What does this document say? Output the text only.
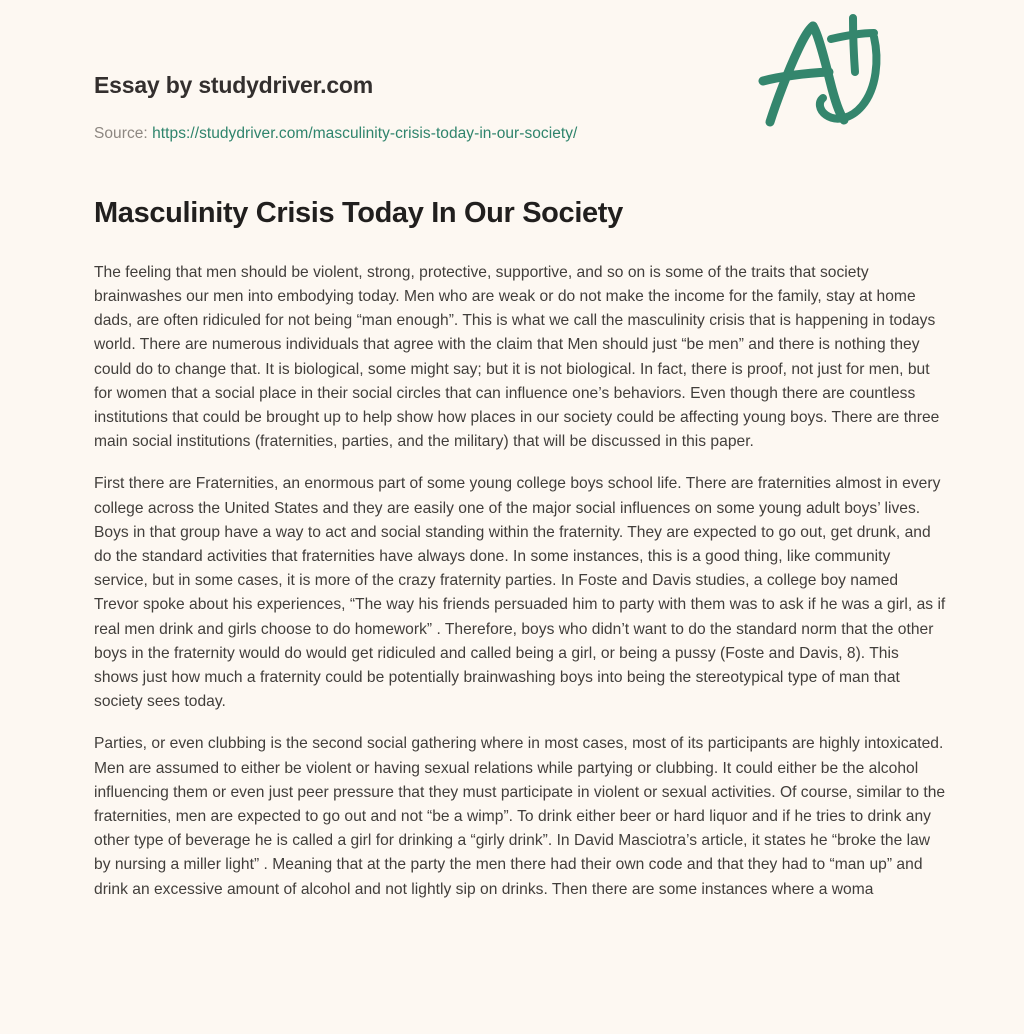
Essay by studydriver.com
Source: https://studydriver.com/masculinity-crisis-today-in-our-society/
Masculinity Crisis Today In Our Society

The feeling that men should be violent, strong, protective, supportive, and so on is some of the traits that society brainwashes our men into embodying today. Men who are weak or do not make the income for the family, stay at home dads, are often ridiculed for not being “man enough”. This is what we call the masculinity crisis that is happening in todays world. There are numerous individuals that agree with the claim that Men should just “be men” and there is nothing they could do to change that. It is biological, some might say; but it is not biological. In fact, there is proof, not just for men, but for women that a social place in their social circles that can influence one’s behaviors. Even though there are countless institutions that could be brought up to help show how places in our society could be affecting young boys. There are three main social institutions (fraternities, parties, and the military) that will be discussed in this paper.

First there are Fraternities, an enormous part of some young college boys school life. There are fraternities almost in every college across the United States and they are easily one of the major social influences on some young adult boys’ lives. Boys in that group have a way to act and social standing within the fraternity. They are expected to go out, get drunk, and do the standard activities that fraternities have always done. In some instances, this is a good thing, like community service, but in some cases, it is more of the crazy fraternity parties. In Foste and Davis studies, a college boy named Trevor spoke about his experiences, “The way his friends persuaded him to party with them was to ask if he was a girl, as if real men drink and girls choose to do homework” . Therefore, boys who didn’t want to do the standard norm that the other boys in the fraternity would do would get ridiculed and called being a girl, or being a pussy (Foste and Davis, 8). This shows just how much a fraternity could be potentially brainwashing boys into being the stereotypical type of man that society sees today.

Parties, or even clubbing is the second social gathering where in most cases, most of its participants are highly intoxicated. Men are assumed to either be violent or having sexual relations while partying or clubbing. It could either be the alcohol influencing them or even just peer pressure that they must participate in violent or sexual activities. Of course, similar to the fraternities, men are expected to go out and not “be a wimp”. To drink either beer or hard liquor and if he tries to drink any other type of beverage he is called a girl for drinking a “girly drink”. In David Masciotra’s article, it states he “broke the law by nursing a miller light” . Meaning that at the party the men there had their own code and that they had to “man up” and drink an excessive amount of alcohol and not lightly sip on drinks. Then there are some instances where a woma
